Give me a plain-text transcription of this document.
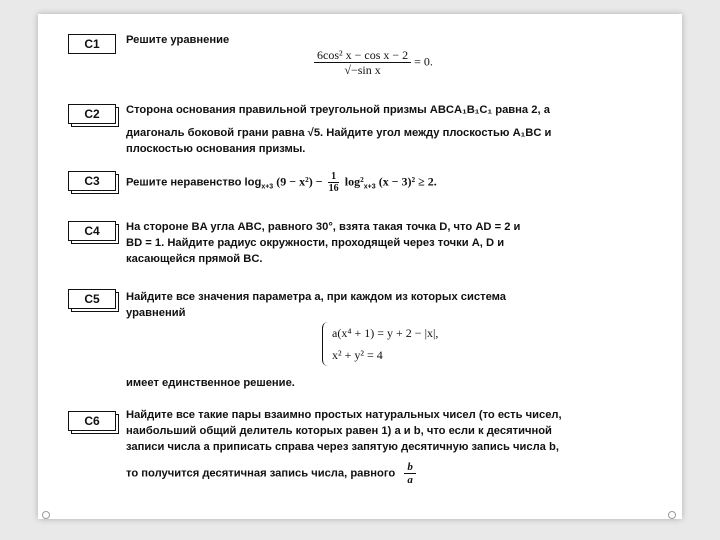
C1	Решите уравнение

$\frac{\text{6cos² x − cos x − 2}}{\text{√−sin x}} = 0$.
C2	Сторона основания правильной треугольной призмы ABCA₁B₁C₁ равна 2, а

диагональ боковой грани равна √5. Найдите угол между плоскостью A₁BC и

плоскостью основания призмы.

C3	Решите неравенство $\log_{x+3} (9 - x^2) - \frac{1}{16} \log^2_{x+3}$ (x − 3)² ≥ 2.
C4	На стороне BA угла ABC, равного 30°, взята такая точка D, что AD = 2 и

BD = 1. Найдите радиус окружности, проходящей через точки A, D и

касающейся прямой BC.

C5	Найдите все значения параметра a, при каждом из которых система

уравнений

a(x⁴ + 1) = y + 2 − |x|,
x² + y² = 4

имеет единственное решение.

C6	Найдите все такие пары взаимно простых натуральных чисел (то есть чисел,

наибольший общий делитель которых равен 1) a и b, что если к десятичной

записи числа a приписать справа через запятую десятичную запись числа b,

то получится десятичная запись числа, равного $\frac{b}{a}$
